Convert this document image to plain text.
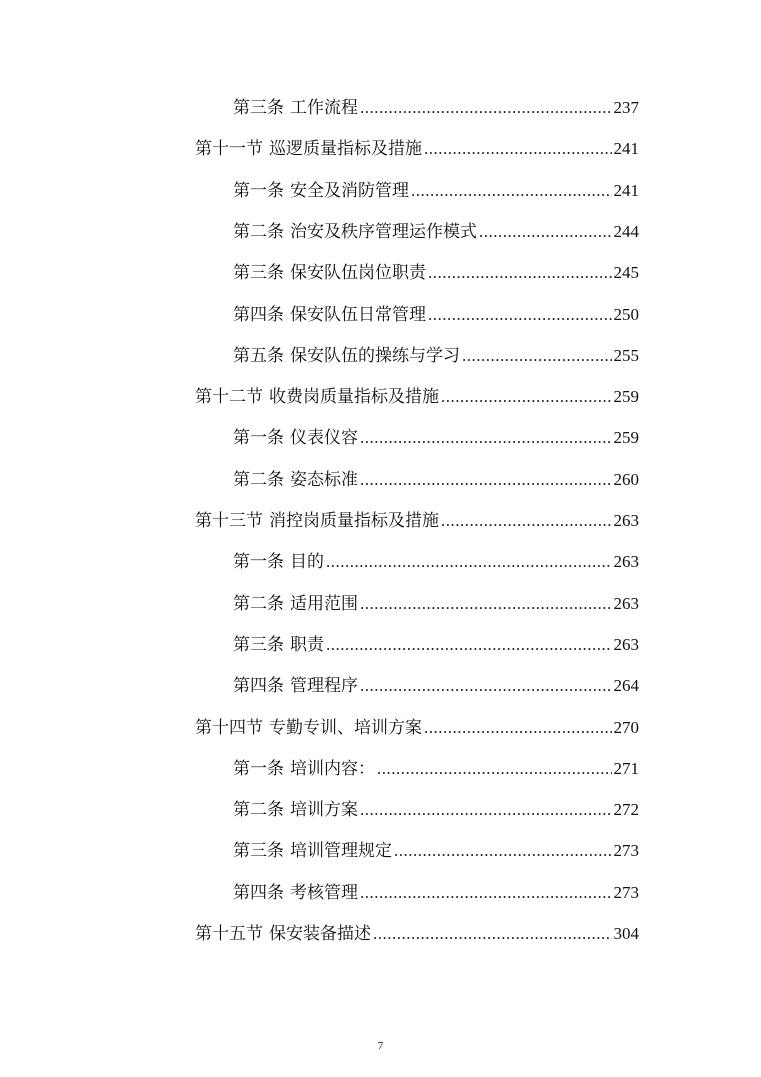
第三条 工作流程 .....	237
第十一节 巡逻质量指标及措施 .....	241
第一条 安全及消防管理 .....	241
第二条 治安及秩序管理运作模式 .....	244
第三条 保安队伍岗位职责 .....	245
第四条 保安队伍日常管理 .....	250
第五条 保安队伍的操练与学习 .....	255
第十二节 收费岗质量指标及措施 .....	259
第一条 仪表仪容 .....	259
第二条 姿态标准 .....	260
第十三节 消控岗质量指标及措施 .....	263
第一条 目的 .....	263
第二条 适用范围 .....	263
第三条 职责 .....	263
第四条 管理程序 .....	264
第十四节 专勤专训、培训方案 .....	270
第一条 培训内容： .....	271
第二条 培训方案 .....	272
第三条 培训管理规定 .....	273
第四条 考核管理 .....	273
第十五节 保安装备描述 .....	304
7
